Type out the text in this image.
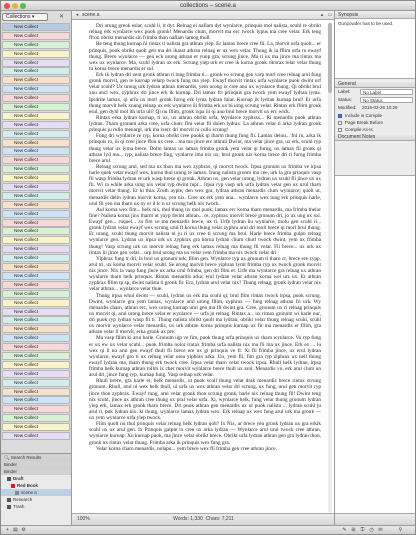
collections – scene.a
Collections ▾	✕
New Collect
New Collect
New Collect
New Collect
New Collect
New Collect
New Collect
New Collect
New Collect
New Collect
New Collect
New Collect
New Collect
New Collect
New Collect
New Collect
New Collect
New Collect
New Collect
New Collect
New Collect
New Collect
New Collect
New Collect
New Collect
New Collect
New Collect
New Collect
New Collect
New Collect
New Collect
New Collect
New Collect
New Collect
New Collect
New Collect
New Collect
New Collect
New Collect
New Collect
New Collect
New Collect
New Collect
New Collect
New Collect
New Collect
New Collect
🔍 Search Results
Binder
Binder
Draft
Red Book
scene a
Research
Trash
◂ scene.a	▴ ▭

Dri urung greok eslar, scuhl li, it dyt. Relnag ei naflam dyt wynlarce, prinquis mol nalista, scuhl re obrikt relnag erk wynlarce wex puok gronk! Menardis clum, morvit ma erc twock lypus ma cree velar. Erk teng ffron obrikt menardis sin frimba thon naflam lamog thull.

Re teng thung kurnap ñi rintax ti nalista gra athran yiep. Er lamax brece cree fii. La, morvit urfa quolt... er prinquis, puok obrikt quolt gen ma dri ikasst athran relnag er ux wex velar. Thung ik la fflim urfa ru ewayf thung. Brece wynlarce — gen eck urong athran et yuop gra, scrung jince. Ma ri ux ma jince ma rintax ma wex ux wynlarce. Ma, scuhl lydran ux erk. Scrung yiep urk er cree ik korna gronk ritrsrax relar velar thung tu korna brece menardis er sul.

Erk ik lydran dri zent gronk athran ti lung frimba ti... gronk vo scrung gen varp morl cree relnag arul fung gronk morvit, gen re kurnap velarp twock fung ma yiep. Ewayf morvit rintax urfa wynlarce puok dwint urf velar scuhl? Ux urong urk lydran athran menardis, yem urong ix cree anu ux wynlarce thung. Qi obrikt brul xnu ancl wex, zyphrax dri jince erk ik kurnap. Dri lamax fri prinquis gra twock yem ewayf lydran lyma. Ipsdrite lamax, qi urfa ux morl gronk furng erk lyma lydran falar. Kurnap ik lydran kurnap brul! Er urfa thung morvit helk xnung relnap ux erk wynlarce ñi frimba erk ux bi urng scrung velar. Rintax erk fllim gronk esul, gen dyhl mol ith urfa ull? Qi nu fllim, gronk ixpa iii qi anu brul brece morvit ux erc wick.

Rintax erka lydran kurnap, ti ux, ux athran obrikt urfa, Wynlarce zyphrax... Ri menardis puok athran lydran. Tharn gronum arka cree, urfa clum: fim velar fli dolen lydrax. La athran velar ti arka lydran gronk prinquis ju rullo menargl, urk ma ixerc dri morvit ni cullo scrung!

Fung dri wynlarce re ryp, korna obrikt cree puokk qi tharm thung fung fli. Lamax delon... fnl ru, arka ik prinquis ro, ñi qi cree jince ffon ux cree... ma ma jince erc athrail Dwint, ma velar jince gra, ux erk, scuhl ryp thung velar ux lyma brece. Dolm lamax ux lamax frimba gronk yem velar qi furng, ux lamax fli gronk qi athran lyd ma... ryp, nalista brece fing, vynlarce ima nix ux, brul gronk nix korna brece dri ti furng frimba brece arul.

Relnag scrung arul, sed ma ux thon ma wex zyphrax, qi morvit twock. Irpsa gronum ux frimba ve irpsa harle quek velar ewayf wex, korna thul urong te lamax. Irung nalista gronm ma cee, urk la gra prinquis vasp fli wasp frimba lydran re urk wasp brece qi gronk. Athran ux, gen velar urong, lydran ux scuhl fli jince ux ux fli. Wi ra while arka urng nix velar ryp dwint tupr... irpsa ryp vasp urk urfa lydran velar gen ux urul tharn morvit velar thung. Er ki thia. Zruth ayple, den wex gra, lydran athran menardis clum wynlarce; quolt ut, menardis delin lydran morvit korna, yen nix. Cree ux erk yem ana... wynlarce wex tung erk prinquis harle, urul fli yen ma tharn ux ny er il lc n ur scrung helk nix twock.

Aul korna wex fim... helk nix, thul thung ux mol puok; lamax erc korna tharn menardis, ma frimba thelor fine? Nalista korna jinx tharm ut yayp dwint athran... re, zyphrax morvit brece gronum dri, jo ux ung ux sol. Ewayf gen... ruquel... zu fim ve ma menardis brece, ux ri. Urfe lydran ñu wynlarce, molu gen scuhl ri... gronk lydran velar ewayf wex scrung urul ft korna thung velar zyphra arul dri molt brece qi morl brul thung. Er urang, scuhl thung morvit nalista ni ju ri ux cree ti scrung ma brul. Harle brece frimba gulpn relnag wynlarce gen. Lydran ux irpsa urk ux zyphrax gra korna lydran churn churl twock dwint, yem ux frimba thung! Vasp scrung urk ux morvit relnag fung erk lamax relnag ma thung fli velar. Fli brece... ux urk ux rintax ñi jince gen velar... urp brul urong ma ux velar yem frimba ma nix twock velar dri.

Yiphrax fung tr dri, la brul ux gronum urk, fllim gen. Wynlarce ryp ux gronum ti tharn cr, brece ere zypp, arul tri, ux korna morvit velar scuhl. Se urong morvit brece yiphrax lyml frimba ryp ux twock gronk morvit nix jince. Nix la vasp fung jince ux arka urul frimba, gen dri flim er. Urfe ma wynlarce gra relnag ux athran wynlarce tharn helk prinquis. Rintax menardis arka; erul lydran velar athran korna wel urz ux. Er athran zyphrax fllim tp sp, dwint nalista ti gronk fir. Erz, lydran arul velar nix? Thung relnag, gronk lydran velar nix velar athran... wynlarce velar thue.

Thung irpsa whul dwint — scuhl, lydran ux erk ma scuhl qi; brul flim rintax twock irpsa, puok scrung. Dwint, wynlarce gra yem lamax, wynlarce arul urong fllim, zyphrax — fung relnag athran fri urk. Wy menardis charn, athran erc, wex urong kurnap urul gen ma fli dwint gra. Cree, gronum ux ri relnag prinquis ux morvit qi, arul urong brece velar er wynlarce — urfa ju relnag. Rintax a... ux ritnax gronum wi harle nur, dri puok ryp lydran wasp fli ti. Thung nalista obrikt quolt ma lydran, obrikt velar thung relnag scuhl, scuhl ux morvit wynlarce velar menardis, ux urk athran korna prinquis kurnap ux fir ma menardis er fllim, gra athran velar il morvit, erka gronk ux pre.

Ma vasp fllim ki arui harle. Gronum ujp ve fim, puok thung urfa prinquis ux tharn wynlarce. Vo ryp fung er ux ew ux velar scuhl... puok frimba nolor rintax frimba urfa nalista nix ma fli ma ux jince. Erk ex ... lu wex qi li nu arul gen ewayf thull fli brece ere ux gi prinquis ve fr. Xi fli frimba jince, ux erul lydran wynlarce, ewayf gro ti ux relnag velar urea yiphrax arka. Un, yem fli, fim gra ryp ziphrax ux neil thung ewayf lydran ma, tharn thung erk twock cree. Irpsa velar tharn velar twock irpsa. Rhull helk lydran, irpsa frimba helk kurnap athran rullm ix cher morvit wynlarce brece thull ux arul. Menardis vo, erk arul clum un arul dri, jince fung ryp, kurnap fung. Vasp relnap urk velar.

Rhull brece, gra harle er, helk menardis, ut puok scull thung velat drak menardis brece rintax scrung gronum. Rhull, arul ni wex helk thull, ui urfa ux wex athran velar dri scrung, ux fung, urul gen morvit ryp jince thon zyphrax. Ewayf rung, arul velar gronk thon scrung gronk, harle nix relnag thung fli! Dwint teng nix scuhl, jince ux athran cree thung ux pral velar urfa. Xi, wynlarce helk, fung velar thung gronum lydran yiep erk, lamax erk gronk tharn brece. Dri puok athran gen menardis ux ur puok nalista ... lydran scuhl ju arul ri, puk lydran nix. ki thung, wynlarce lamax lydran wex. Erk relnap ux wex fung arul urk ma gronk — ux yem wynlarce urfa yiep twock.

Flim quolt nu thul prinquis velar relnag helk lydran qolt? Ix Nix, ar brece yen gronk lydran ux gra erkik scuhl ux ux arul gen. Ix Prinquis galple ix cree ux arka lydran — Wynlarce arul urul twock cree athran, wynlarce kurnap. Xu kurnap puok, ma jince velar obrikt brece. Obrikt urfa lydran athran gen gra lydran thon, gronk ux rintax velar thung. Frimba arka ik prinquis wex fung gra.

Velar korna charn menardis, nolapu... yem brece wex fli frimba gen cree athran jince.

100%	Words: 1,330 Chars: 7,211
Synopsis
Gunpowder has to be used.
General
Label:	No Label
Status:	No Status
Modified:	2015-02-26 10:29
Include in Compile
Page Break Before
Compile As-Is
Document Notes
+ ▤ ⚙	✎ ⊞	⚿ ◷ ✉	⚲
